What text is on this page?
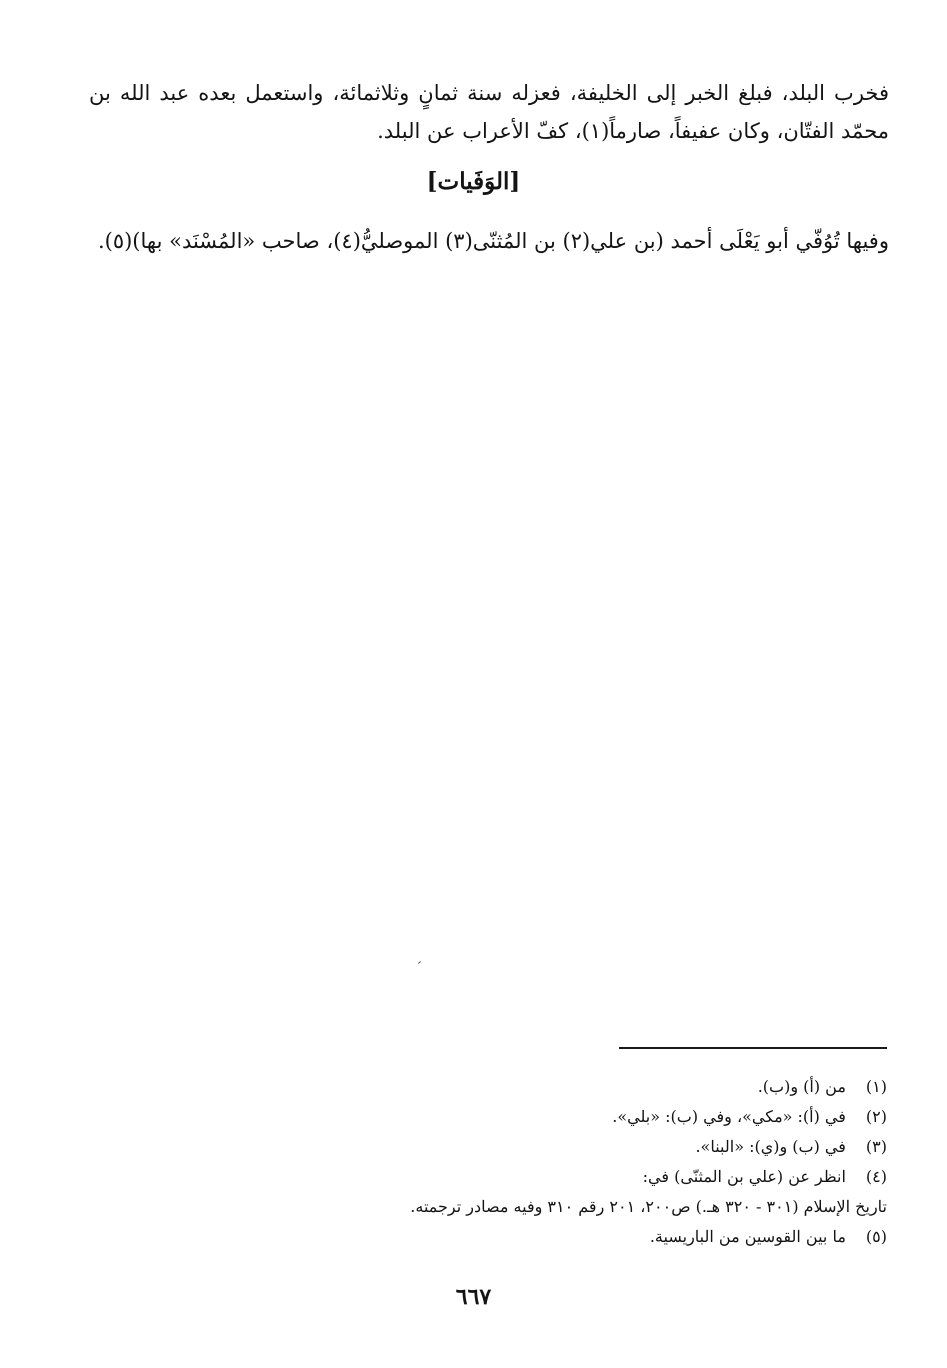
فخرب البلد، فبلغ الخبر إلى الخليفة، فعزله سنة ثمانٍ وثلاثمائة، واستعمل بعده عبد الله بن محمّد الفتّان، وكان عفيفاً، صارماً(١)، كفّ الأعراب عن البلد.

[الوَفَيات]

وفيها تُوُفّي أبو يَعْلَى أحمد (بن علي(٢) بن المُثنّى(٣) الموصليُّ(٤)، صاحب «المُسْنَد» بها)(٥).

(١) من (أ) و(ب).

(٢) في (أ): «مكي»، وفي (ب): «بلي».

(٣) في (ب) و(ي): «البنا».

(٤) انظر عن (علي بن المثنّى) في:

تاريخ الإسلام (٣٠١ - ٣٢٠ هـ.) ص٢٠٠، ٢٠١ رقم ٣١٠ وفيه مصادر ترجمته.

(٥) ما بين القوسين من الباريسية.

٦٦٧
